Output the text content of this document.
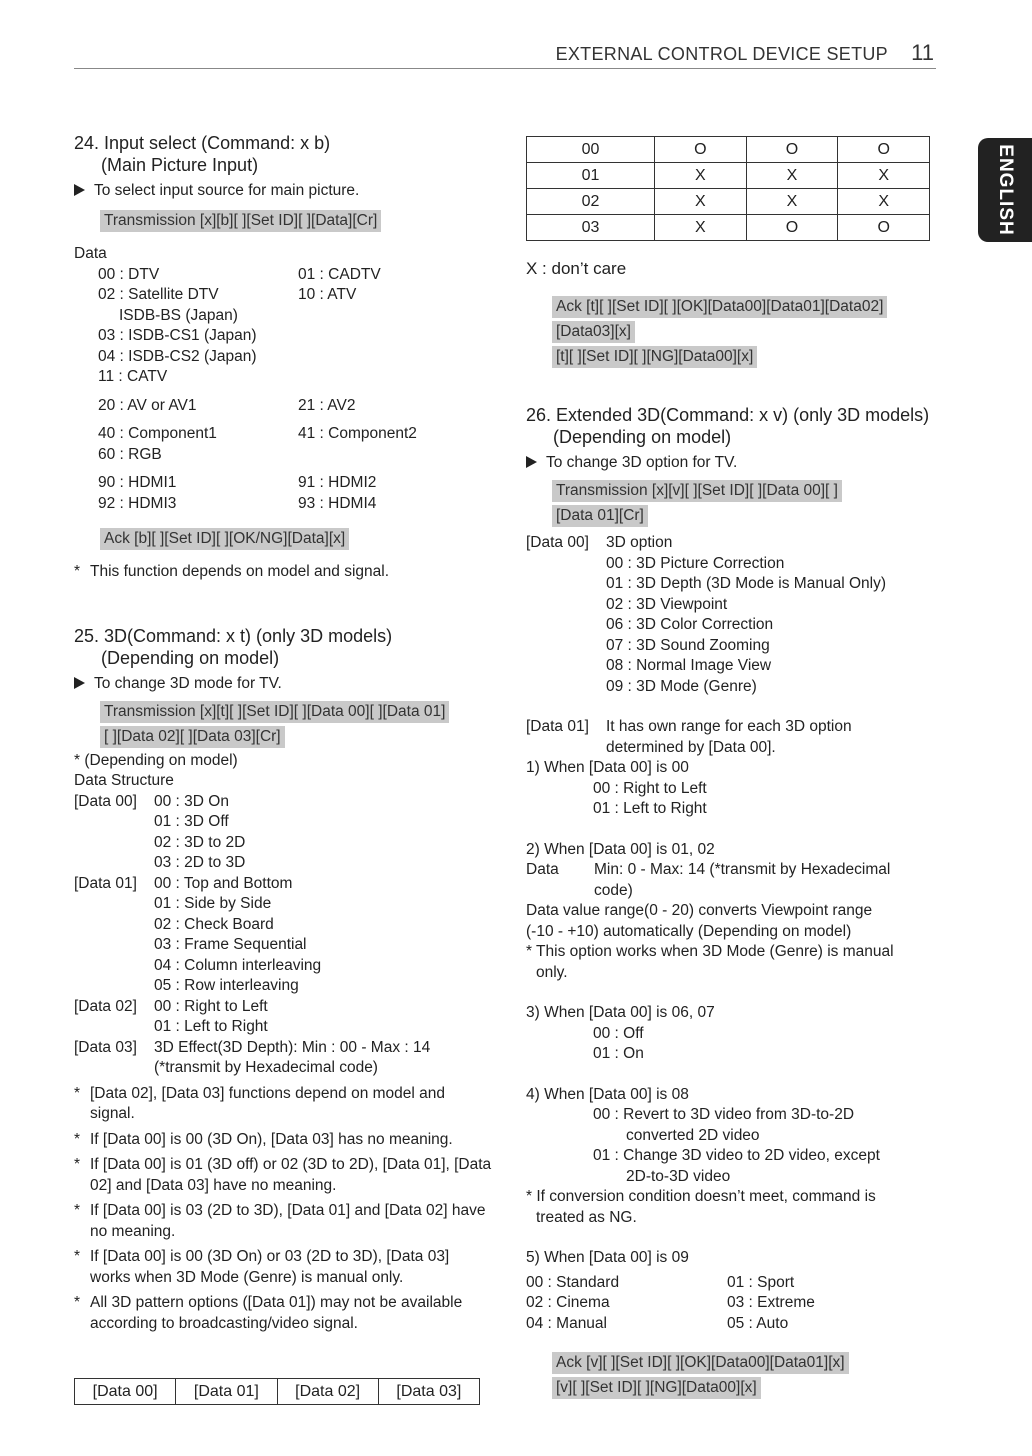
EXTERNAL CONTROL DEVICE SETUP 11
ENGLISH
24. Input select (Command: x b)
(Main Picture Input)
To select input source for main picture.
Transmission [x][b][ ][Set ID][ ][Data][Cr]
Data
00 : DTV	01 : CADTV
02 : Satellite DTV	10 : ATV
ISDB-BS (Japan)
03 : ISDB-CS1 (Japan)
04 : ISDB-CS2 (Japan)
11 : CATV
20 : AV or AV1	21 : AV2
40 : Component1	41 : Component2
60 : RGB
90 : HDMI1	91 : HDMI2
92 : HDMI3	93 : HDMI4
Ack [b][ ][Set ID][ ][OK/NG][Data][x]
* This function depends on model and signal.
25. 3D(Command: x t) (only 3D models)
(Depending on model)
To change 3D mode for TV.
Transmission [x][t][ ][Set ID][ ][Data 00][ ][Data 01]
[ ][Data 02][ ][Data 03][Cr]
* (Depending on model)
Data Structure
[Data 00] 00 : 3D On
01 : 3D Off
02 : 3D to 2D
03 : 2D to 3D
[Data 01] 00 : Top and Bottom
01 : Side by Side
02 : Check Board
03 : Frame Sequential
04 : Column interleaving
05 : Row interleaving
[Data 02] 00 : Right to Left
01 : Left to Right
[Data 03] 3D Effect(3D Depth): Min : 00 - Max : 14
(*transmit by Hexadecimal code)
* [Data 02], [Data 03] functions depend on model and signal.
* If [Data 00] is 00 (3D On), [Data 03] has no meaning.
* If [Data 00] is 01 (3D off) or 02 (3D to 2D), [Data 01], [Data 02] and [Data 03] have no meaning.
* If [Data 00] is 03 (2D to 3D), [Data 01] and [Data 02] have no meaning.
* If [Data 00] is 00 (3D On) or 03 (2D to 3D), [Data 03] works when 3D Mode (Genre) is manual only.
* All 3D pattern options ([Data 01]) may not be available according to broadcasting/video signal.
[Data 00]	[Data 01]	[Data 02]	[Data 03]
00	O	O	O
01	X	X	X
02	X	X	X
03	X	O	O
X : don’t care
Ack [t][ ][Set ID][ ][OK][Data00][Data01][Data02]
[Data03][x]
[t][ ][Set ID][ ][NG][Data00][x]
26. Extended 3D(Command: x v) (only 3D models)
(Depending on model)
To change 3D option for TV.
Transmission [x][v][ ][Set ID][ ][Data 00][ ]
[Data 01][Cr]
[Data 00] 3D option
00 : 3D Picture Correction
01 : 3D Depth (3D Mode is Manual Only)
02 : 3D Viewpoint
06 : 3D Color Correction
07 : 3D Sound Zooming
08 : Normal Image View
09 : 3D Mode (Genre)
[Data 01] It has own range for each 3D option
determined by [Data 00].
1) When [Data 00] is 00
00 : Right to Left
01 : Left to Right
2) When [Data 00] is 01, 02
Data Min: 0 - Max: 14 (*transmit by Hexadecimal
code)
Data value range(0 - 20) converts Viewpoint range
(-10 - +10) automatically (Depending on model)
* This option works when 3D Mode (Genre) is manual
only.
3) When [Data 00] is 06, 07
00 : Off
01 : On
4) When [Data 00] is 08
00 : Revert to 3D video from 3D-to-2D
converted 2D video
01 : Change 3D video to 2D video, except
2D-to-3D video
* If conversion condition doesn’t meet, command is
treated as NG.
5) When [Data 00] is 09
00 : Standard	01 : Sport
02 : Cinema	03 : Extreme
04 : Manual	05 : Auto
Ack [v][ ][Set ID][ ][OK][Data00][Data01][x]
[v][ ][Set ID][ ][NG][Data00][x]
